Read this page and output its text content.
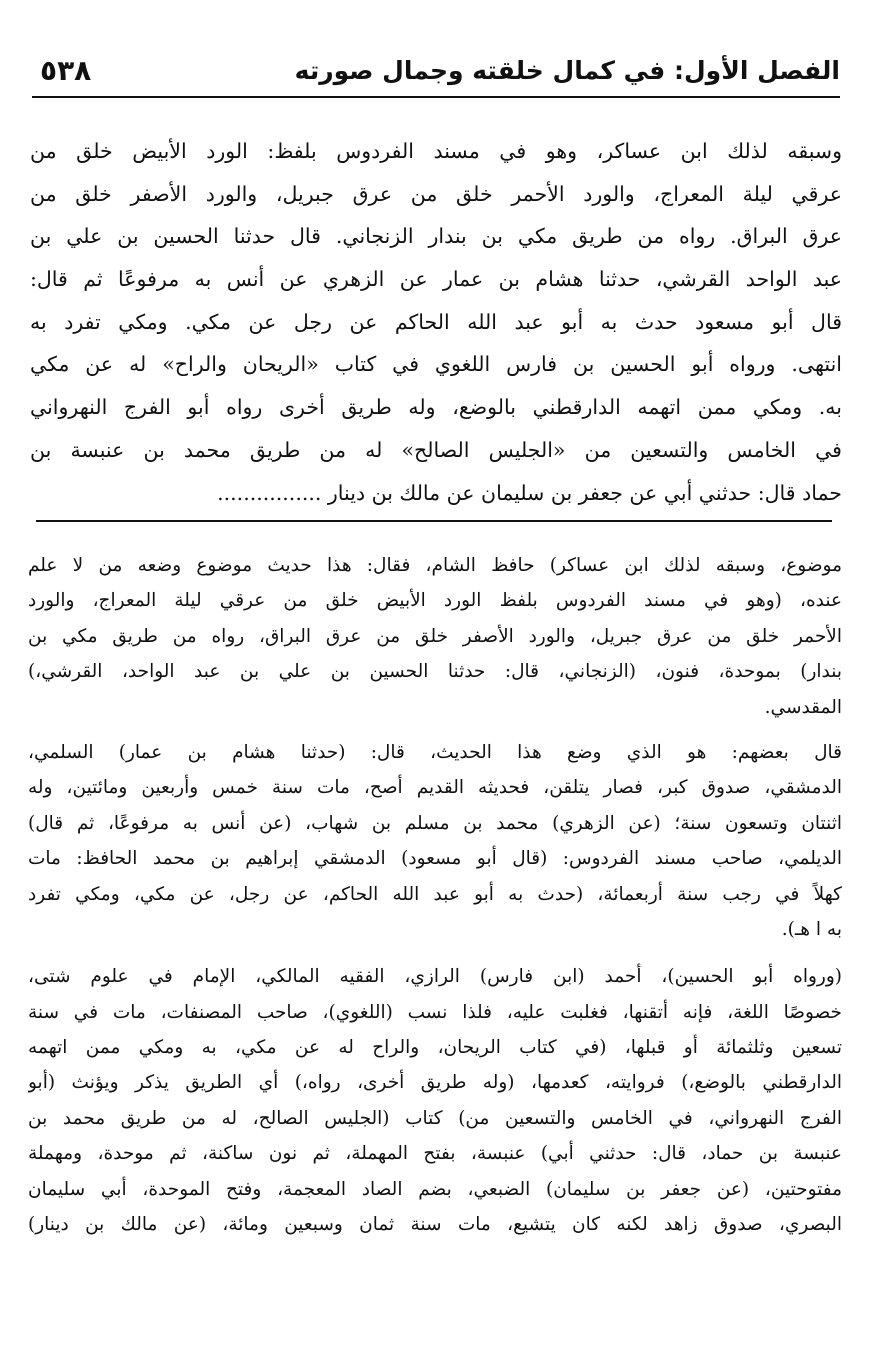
الفصل الأول: في كمال خلقته وجمال صورته
٥٣٨
وسبقه لذلك ابن عساكر، وهو في مسند الفردوس بلفظ: الورد الأبيض خلق من
عرقي ليلة المعراج، والورد الأحمر خلق من عرق جبريل، والورد الأصفر خلق من
عرق البراق. رواه من طريق مكي بن بندار الزنجاني. قال حدثنا الحسين بن علي بن
عبد الواحد القرشي، حدثنا هشام بن عمار عن الزهري عن أنس به مرفوعًا ثم قال:
قال أبو مسعود حدث به أبو عبد الله الحاكم عن رجل عن مكي. ومكي تفرد به
انتهى. ورواه أبو الحسين بن فارس اللغوي في كتاب «الريحان والراح» له عن مكي
به. ومكي ممن اتهمه الدارقطني بالوضع، وله طريق أخرى رواه أبو الفرج النهرواني
في الخامس والتسعين من «الجليس الصالح» له من طريق محمد بن عنبسة بن
حماد قال: حدثني أبي عن جعفر بن سليمان عن مالك بن دينار ................
موضوع، وسبقه لذلك ابن عساكر) حافظ الشام، فقال: هذا حديث موضوع وضعه من لا علم
عنده، (وهو في مسند الفردوس بلفظ الورد الأبيض خلق من عرقي ليلة المعراج، والورد
الأحمر خلق من عرق جبريل، والورد الأصفر خلق من عرق البراق، رواه من طريق مكي بن
بندار) بموحدة، فنون، (الزنجاني، قال: حدثنا الحسين بن علي بن عبد الواحد، القرشي،)
المقدسي.
قال بعضهم: هو الذي وضع هذا الحديث، قال: (حدثنا هشام بن عمار) السلمي،
الدمشقي، صدوق كبر، فصار يتلقن، فحديثه القديم أصح، مات سنة خمس وأربعين ومائتين، وله
اثنتان وتسعون سنة؛ (عن الزهري) محمد بن مسلم بن شهاب، (عن أنس به مرفوعًا، ثم قال)
الديلمي، صاحب مسند الفردوس: (قال أبو مسعود) الدمشقي إبراهيم بن محمد الحافظ: مات
كهلاً في رجب سنة أربعمائة، (حدث به أبو عبد الله الحاكم، عن رجل، عن مكي، ومكي تفرد
به ا هـ).
(ورواه أبو الحسين)، أحمد (ابن فارس) الرازي، الفقيه المالكي، الإمام في علوم شتى،
خصوصًا اللغة، فإنه أتقنها، فغلبت عليه، فلذا نسب (اللغوي)، صاحب المصنفات، مات في سنة
تسعين وثلثمائة أو قبلها، (في كتاب الريحان، والراح له عن مكي، به ومكي ممن اتهمه
الدارقطني بالوضع،) فروايته، كعدمها، (وله طريق أخرى، رواه،) أي الطريق يذكر ويؤنث (أبو
الفرج النهرواني، في الخامس والتسعين من) كتاب (الجليس الصالح، له من طريق محمد بن
عنبسة بن حماد، قال: حدثني أبي) عنبسة، بفتح المهملة، ثم نون ساكنة، ثم موحدة، ومهملة
مفتوحتين، (عن جعفر بن سليمان) الضبعي، بضم الصاد المعجمة، وفتح الموحدة، أبي سليمان
البصري، صدوق زاهد لكنه كان يتشيع، مات سنة ثمان وسبعين ومائة، (عن مالك بن دينار)
